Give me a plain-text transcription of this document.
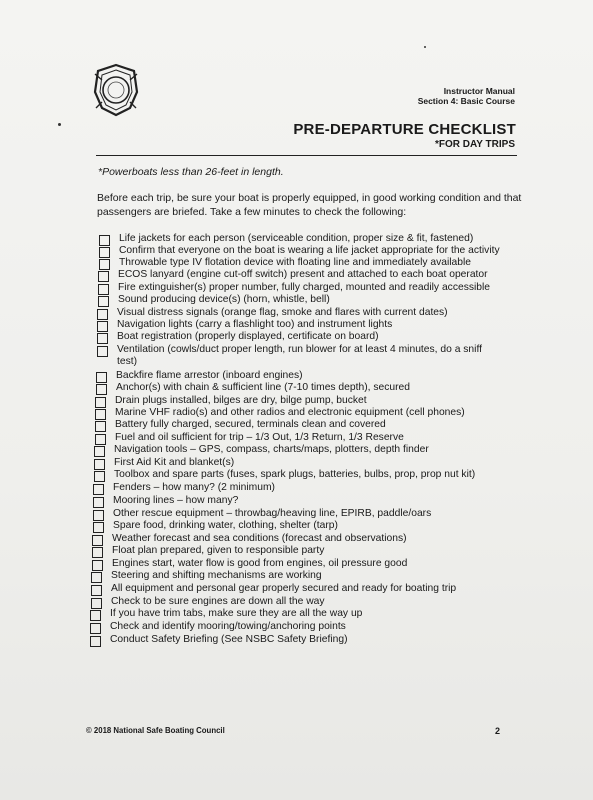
Instructor Manual
Section 4: Basic Course
PRE-DEPARTURE CHECKLIST
*FOR DAY TRIPS
*Powerboats less than 26-feet in length.
Before each trip, be sure your boat is properly equipped, in good working condition and that passengers are briefed. Take a few minutes to check the following:
Life jackets for each person (serviceable condition, proper size & fit, fastened)
Confirm that everyone on the boat is wearing a life jacket appropriate for the activity
Throwable type IV flotation device with floating line and immediately available
ECOS lanyard (engine cut-off switch) present and attached to each boat operator
Fire extinguisher(s) proper number, fully charged, mounted and readily accessible
Sound producing device(s) (horn, whistle, bell)
Visual distress signals (orange flag, smoke and flares with current dates)
Navigation lights (carry a flashlight too) and instrument lights
Boat registration (properly displayed, certificate on board)
Ventilation (cowls/duct proper length, run blower for at least 4 minutes, do a sniff
test)
Backfire flame arrestor (inboard engines)
Anchor(s) with chain & sufficient line (7-10 times depth), secured
Drain plugs installed, bilges are dry, bilge pump, bucket
Marine VHF radio(s) and other radios and electronic equipment (cell phones)
Battery fully charged, secured, terminals clean and covered
Fuel and oil sufficient for trip – 1/3 Out, 1/3 Return, 1/3 Reserve
Navigation tools – GPS, compass, charts/maps, plotters, depth finder
First Aid Kit and blanket(s)
Toolbox and spare parts (fuses, spark plugs, batteries, bulbs, prop, prop nut kit)
Fenders – how many? (2 minimum)
Mooring lines – how many?
Other rescue equipment – throwbag/heaving line, EPIRB, paddle/oars
Spare food, drinking water, clothing, shelter (tarp)
Weather forecast and sea conditions (forecast and observations)
Float plan prepared, given to responsible party
Engines start, water flow is good from engines, oil pressure good
Steering and shifting mechanisms are working
All equipment and personal gear properly secured and ready for boating trip
Check to be sure engines are down all the way
If you have trim tabs, make sure they are all the way up
Check and identify mooring/towing/anchoring points
Conduct Safety Briefing (See NSBC Safety Briefing)
© 2018 National Safe Boating Council	2
